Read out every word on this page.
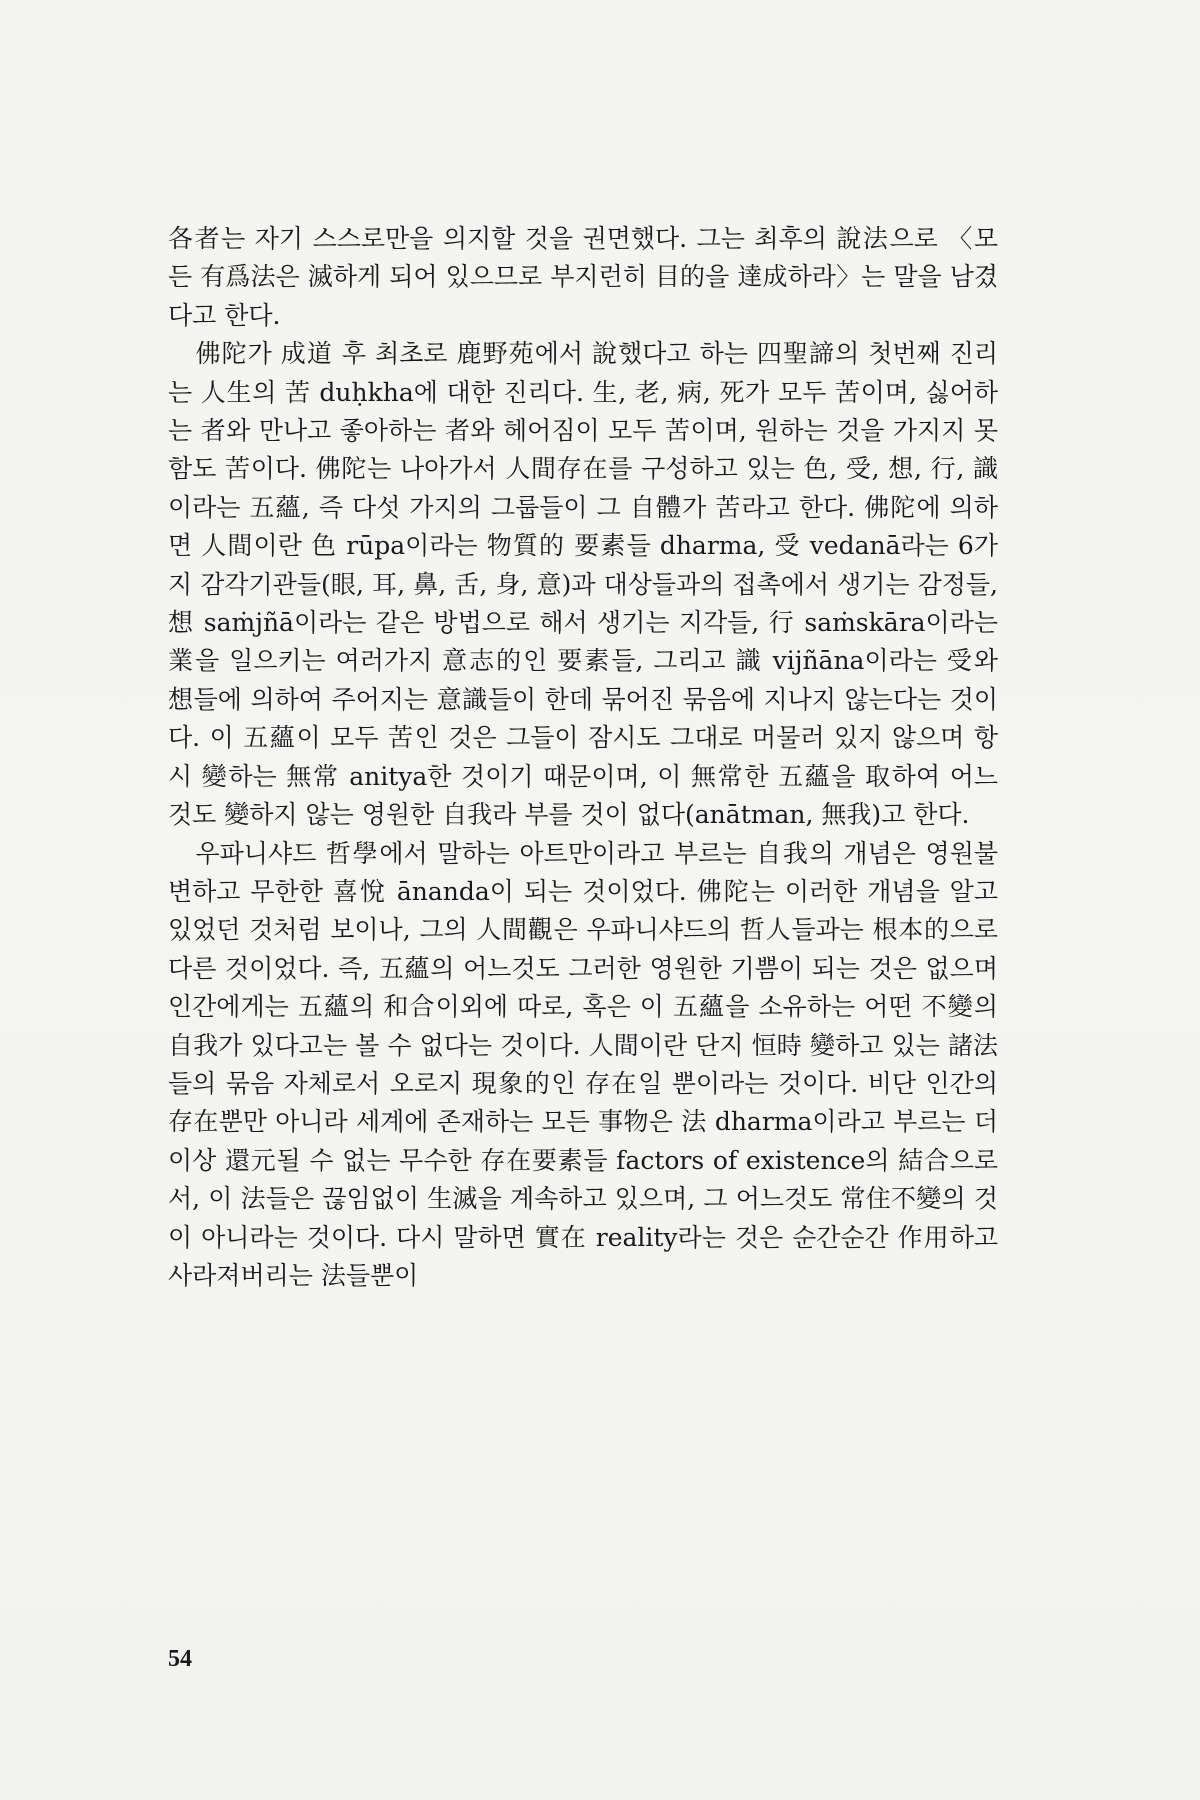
各者는 자기 스스로만을 의지할 것을 권면했다. 그는 최후의 說法으로 〈모든 有爲法은 滅하게 되어 있으므로 부지런히 目的을 達成하라〉는 말을 남겼다고 한다.

佛陀가 成道 후 최초로 鹿野苑에서 說했다고 하는 四聖諦의 첫번째 진리는 人生의 苦 duḥkha에 대한 진리다. 生, 老, 病, 死가 모두 苦이며, 싫어하는 者와 만나고 좋아하는 者와 헤어짐이 모두 苦이며, 원하는 것을 가지지 못함도 苦이다. 佛陀는 나아가서 人間存在를 구성하고 있는 色, 受, 想, 行, 識이라는 五蘊, 즉 다섯 가지의 그룹들이 그 自體가 苦라고 한다. 佛陀에 의하면 人間이란 色 rūpa이라는 物質的 要素들 dharma, 受 vedanā라는 6가지 감각기관들(眼, 耳, 鼻, 舌, 身, 意)과 대상들과의 접촉에서 생기는 감정들, 想 saṁjñā이라는 같은 방법으로 해서 생기는 지각들, 行 saṁskāra이라는 業을 일으키는 여러가지 意志的인 要素들, 그리고 識 vijñāna이라는 受와 想들에 의하여 주어지는 意識들이 한데 묶어진 묶음에 지나지 않는다는 것이다. 이 五蘊이 모두 苦인 것은 그들이 잠시도 그대로 머물러 있지 않으며 항시 變하는 無常 anitya한 것이기 때문이며, 이 無常한 五蘊을 取하여 어느 것도 變하지 않는 영원한 自我라 부를 것이 없다(anātman, 無我)고 한다.

우파니샤드 哲學에서 말하는 아트만이라고 부르는 自我의 개념은 영원불변하고 무한한 喜悅 ānanda이 되는 것이었다. 佛陀는 이러한 개념을 알고 있었던 것처럼 보이나, 그의 人間觀은 우파니샤드의 哲人들과는 根本的으로 다른 것이었다. 즉, 五蘊의 어느것도 그러한 영원한 기쁨이 되는 것은 없으며 인간에게는 五蘊의 和合이외에 따로, 혹은 이 五蘊을 소유하는 어떤 不變의 自我가 있다고는 볼 수 없다는 것이다. 人間이란 단지 恒時 變하고 있는 諸法들의 묶음 자체로서 오로지 現象的인 存在일 뿐이라는 것이다. 비단 인간의 存在뿐만 아니라 세계에 존재하는 모든 事物은 法 dharma이라고 부르는 더 이상 還元될 수 없는 무수한 存在要素들 factors of existence의 結合으로서, 이 法들은 끊임없이 生滅을 계속하고 있으며, 그 어느것도 常住不變의 것이 아니라는 것이다. 다시 말하면 實在 reality라는 것은 순간순간 作用하고 사라져버리는 法들뿐이

54
